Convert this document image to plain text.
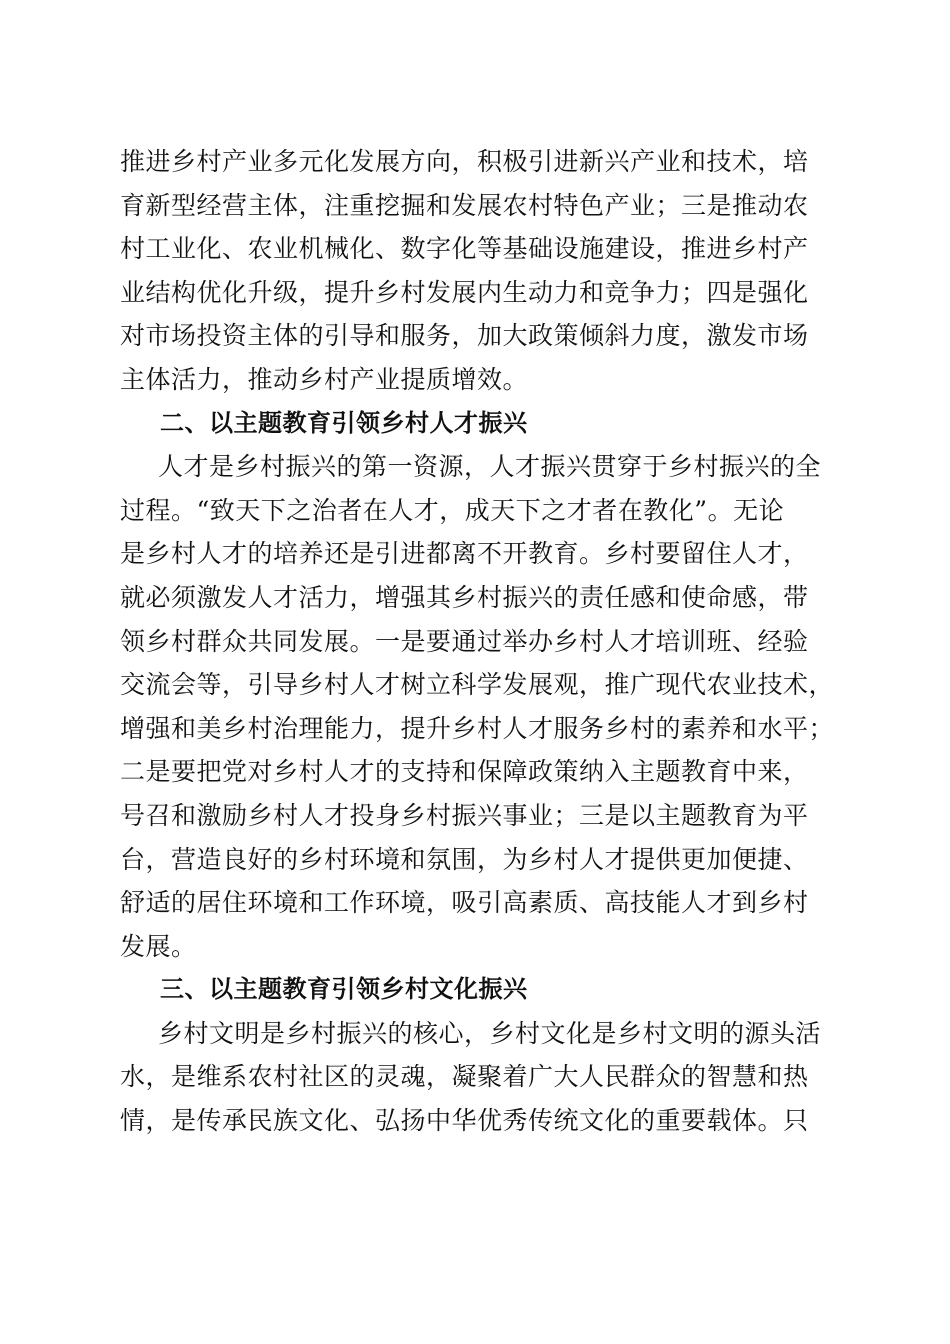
推进乡村产业多元化发展方向，积极引进新兴产业和技术，培
育新型经营主体，注重挖掘和发展农村特色产业；三是推动农
村工业化、农业机械化、数字化等基础设施建设，推进乡村产
业结构优化升级，提升乡村发展内生动力和竞争力；四是强化
对市场投资主体的引导和服务，加大政策倾斜力度，激发市场
主体活力，推动乡村产业提质增效。
二、以主题教育引领乡村人才振兴
人才是乡村振兴的第一资源，人才振兴贯穿于乡村振兴的全
过程。“致天下之治者在人才，成天下之才者在教化”。无论
是乡村人才的培养还是引进都离不开教育。乡村要留住人才，
就必须激发人才活力，增强其乡村振兴的责任感和使命感，带
领乡村群众共同发展。一是要通过举办乡村人才培训班、经验
交流会等，引导乡村人才树立科学发展观，推广现代农业技术，
增强和美乡村治理能力，提升乡村人才服务乡村的素养和水平；
二是要把党对乡村人才的支持和保障政策纳入主题教育中来，
号召和激励乡村人才投身乡村振兴事业；三是以主题教育为平
台，营造良好的乡村环境和氛围，为乡村人才提供更加便捷、
舒适的居住环境和工作环境，吸引高素质、高技能人才到乡村
发展。
三、以主题教育引领乡村文化振兴
乡村文明是乡村振兴的核心，乡村文化是乡村文明的源头活
水，是维系农村社区的灵魂，凝聚着广大人民群众的智慧和热
情，是传承民族文化、弘扬中华优秀传统文化的重要载体。只
